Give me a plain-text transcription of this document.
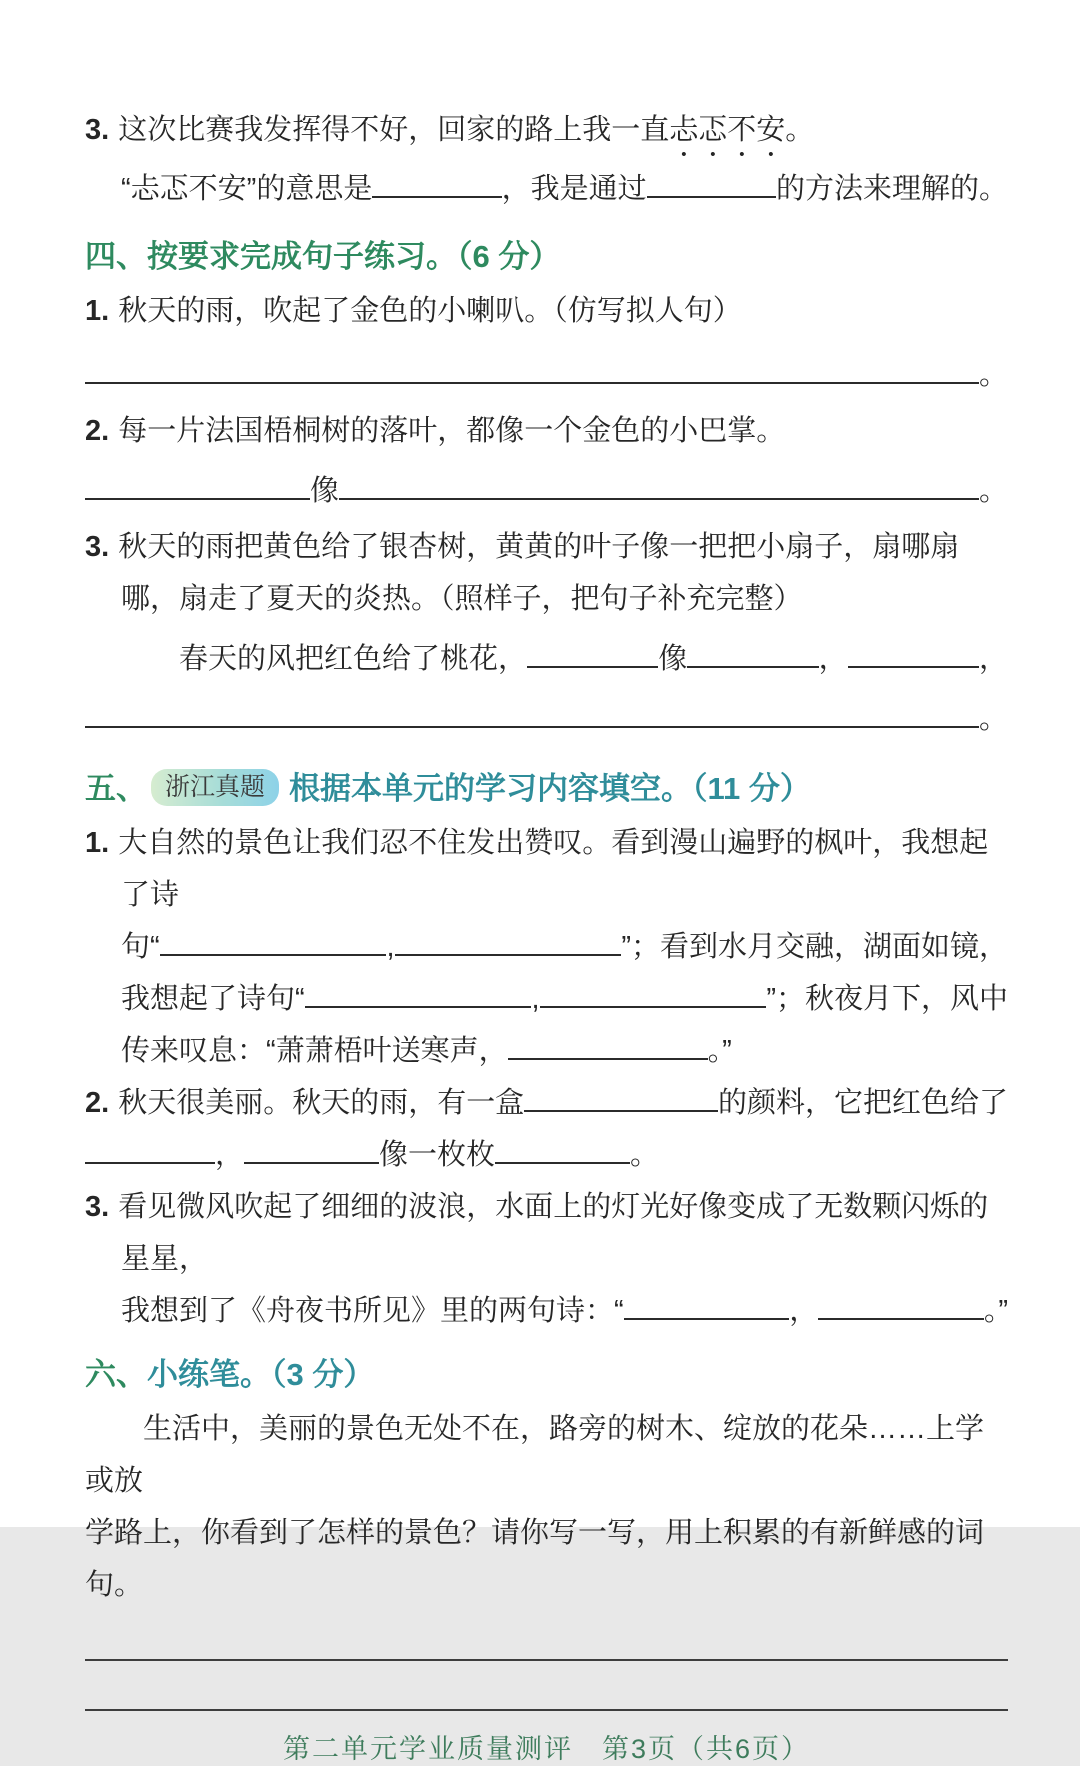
3. 这次比赛我发挥得不好，回家的路上我一直忐忑不安。
“忐忑不安”的意思是	，我是通过	的方法来理解的。
四、按要求完成句子练习。（6 分）
1. 秋天的雨，吹起了金色的小喇叭。（仿写拟人句）
。
2. 每一片法国梧桐树的落叶，都像一个金色的小巴掌。
像	。
3. 秋天的雨把黄色给了银杏树，黄黄的叶子像一把把小扇子，扇哪扇哪，扇走了夏天的炎热。（照样子，把句子补充完整）
春天的风把红色给了桃花，	像	，	，
。
五、 浙江真题 根据本单元的学习内容填空。（11 分）
1. 大自然的景色让我们忍不住发出赞叹。看到漫山遍野的枫叶，我想起了诗
句“	,	”；看到水月交融，湖面如镜，
我想起了诗句“	,	”；秋夜月下，风中
传来叹息：“萧萧梧叶送寒声，	。”
2. 秋天很美丽。秋天的雨，有一盒	的颜料，它把红色给了
，	像一枚枚	。
3. 看见微风吹起了细细的波浪，水面上的灯光好像变成了无数颗闪烁的星星，
我想到了《舟夜书所见》里的两句诗：“	，	。”
六、小练笔。（3 分）
生活中，美丽的景色无处不在，路旁的树木、绽放的花朵……上学或放
学路上，你看到了怎样的景色？请你写一写，用上积累的有新鲜感的词句。
第二单元学业质量测评　第3页（共6页）
